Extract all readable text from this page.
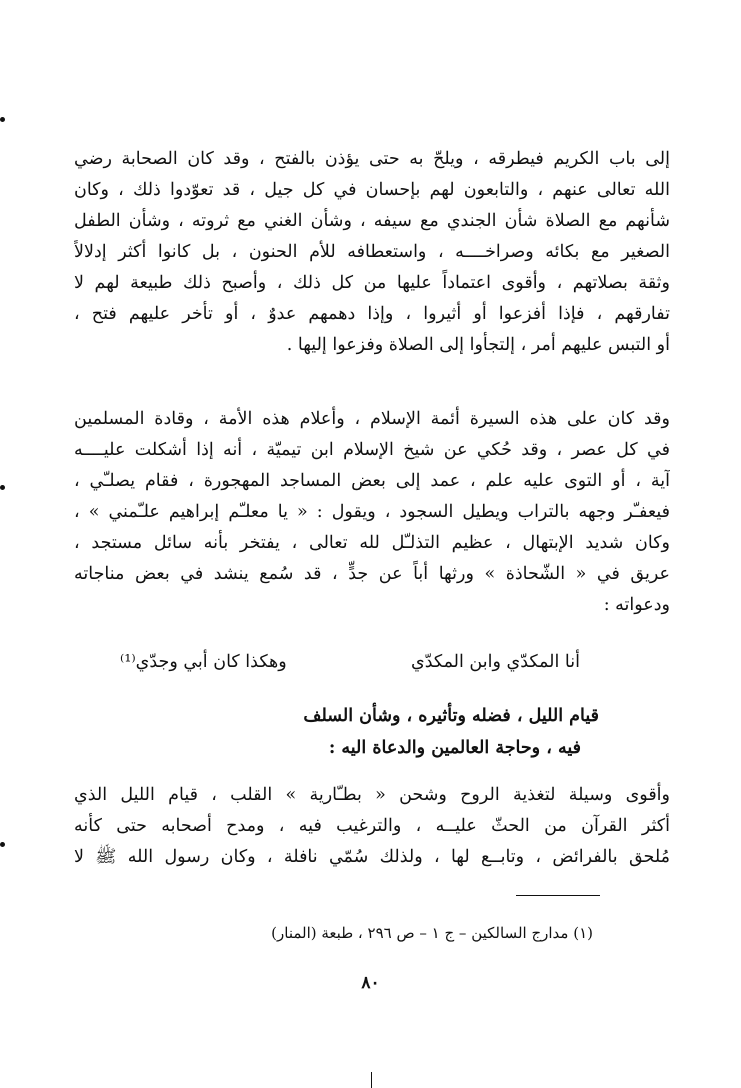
إلى باب الكريم فيطرقه ، ويلحّ به حتى يؤذن بالفتح ، وقد كان الصحابة رضي
الله تعالى عنهم ، والتابعون لهم بإحسان في كل جيل ، قد تعوّدوا ذلك ، وكان
شأنهم مع الصلاة شأن الجندي مع سيفه ، وشأن الغني مع ثروته ، وشأن الطفل
الصغير مع بكائه وصراخــــه ، واستعطافه للأم الحنون ، بل كانوا أكثر إدلالاً
وثقة بصلاتهم ، وأقوى اعتماداً عليها من كل ذلك ، وأصبح ذلك طبيعة لهم لا
تفارقهم ، فإذا أفزعوا أو أثيروا ، وإذا دهمهم عدوٌ ، أو تأخر عليهم فتح ،
أو التبس عليهم أمر ، إلتجأوا إلى الصلاة وفزعوا إليها .
وقد كان على هذه السيرة أئمة الإسلام ، وأعلام هذه الأمة ، وقادة المسلمين
في كل عصر ، وقد حُكي عن شيخ الإسلام ابن تيميّة ، أنه إذا أشكلت عليــــه
آية ، أو التوى عليه علم ، عمد إلى بعض المساجد المهجورة ، فقام يصلـّي ،
فيعفـّر وجهه بالتراب ويطيل السجود ، ويقول : « يا معلـّم إبراهيم علـّمني » ،
وكان شديد الإبتهال ، عظيم التذلـّل لله تعالى ، يفتخر بأنه سائل مستجد ،
عريق في « الشّحاذة » ورثها أباً عن جدٍّ ، قد سُمع ينشد في بعض مناجاته
ودعواته :
أنا المكدّي وابن المكدّي
وهكذا كان أبي وجدّي⁽¹⁾
قيام الليل ، فضله وتأثيره ، وشأن السلف
فيه ، وحاجة العالمين والدعاة اليه :
وأقوى وسيلة لتغذية الروح وشحن « بطـّارية » القلب ، قيام الليل الذي
أكثر القرآن من الحثّ عليــه ، والترغيب فيه ، ومدح أصحابه حتى كأنه
مُلحق بالفرائض ، وتابــع لها ، ولذلك سُمّي نافلة ، وكان رسول الله ﷺ لا
(١) مدارج السالكين – ج ١ – ص ٢٩٦ ، طبعة (المنار)
٨٠
